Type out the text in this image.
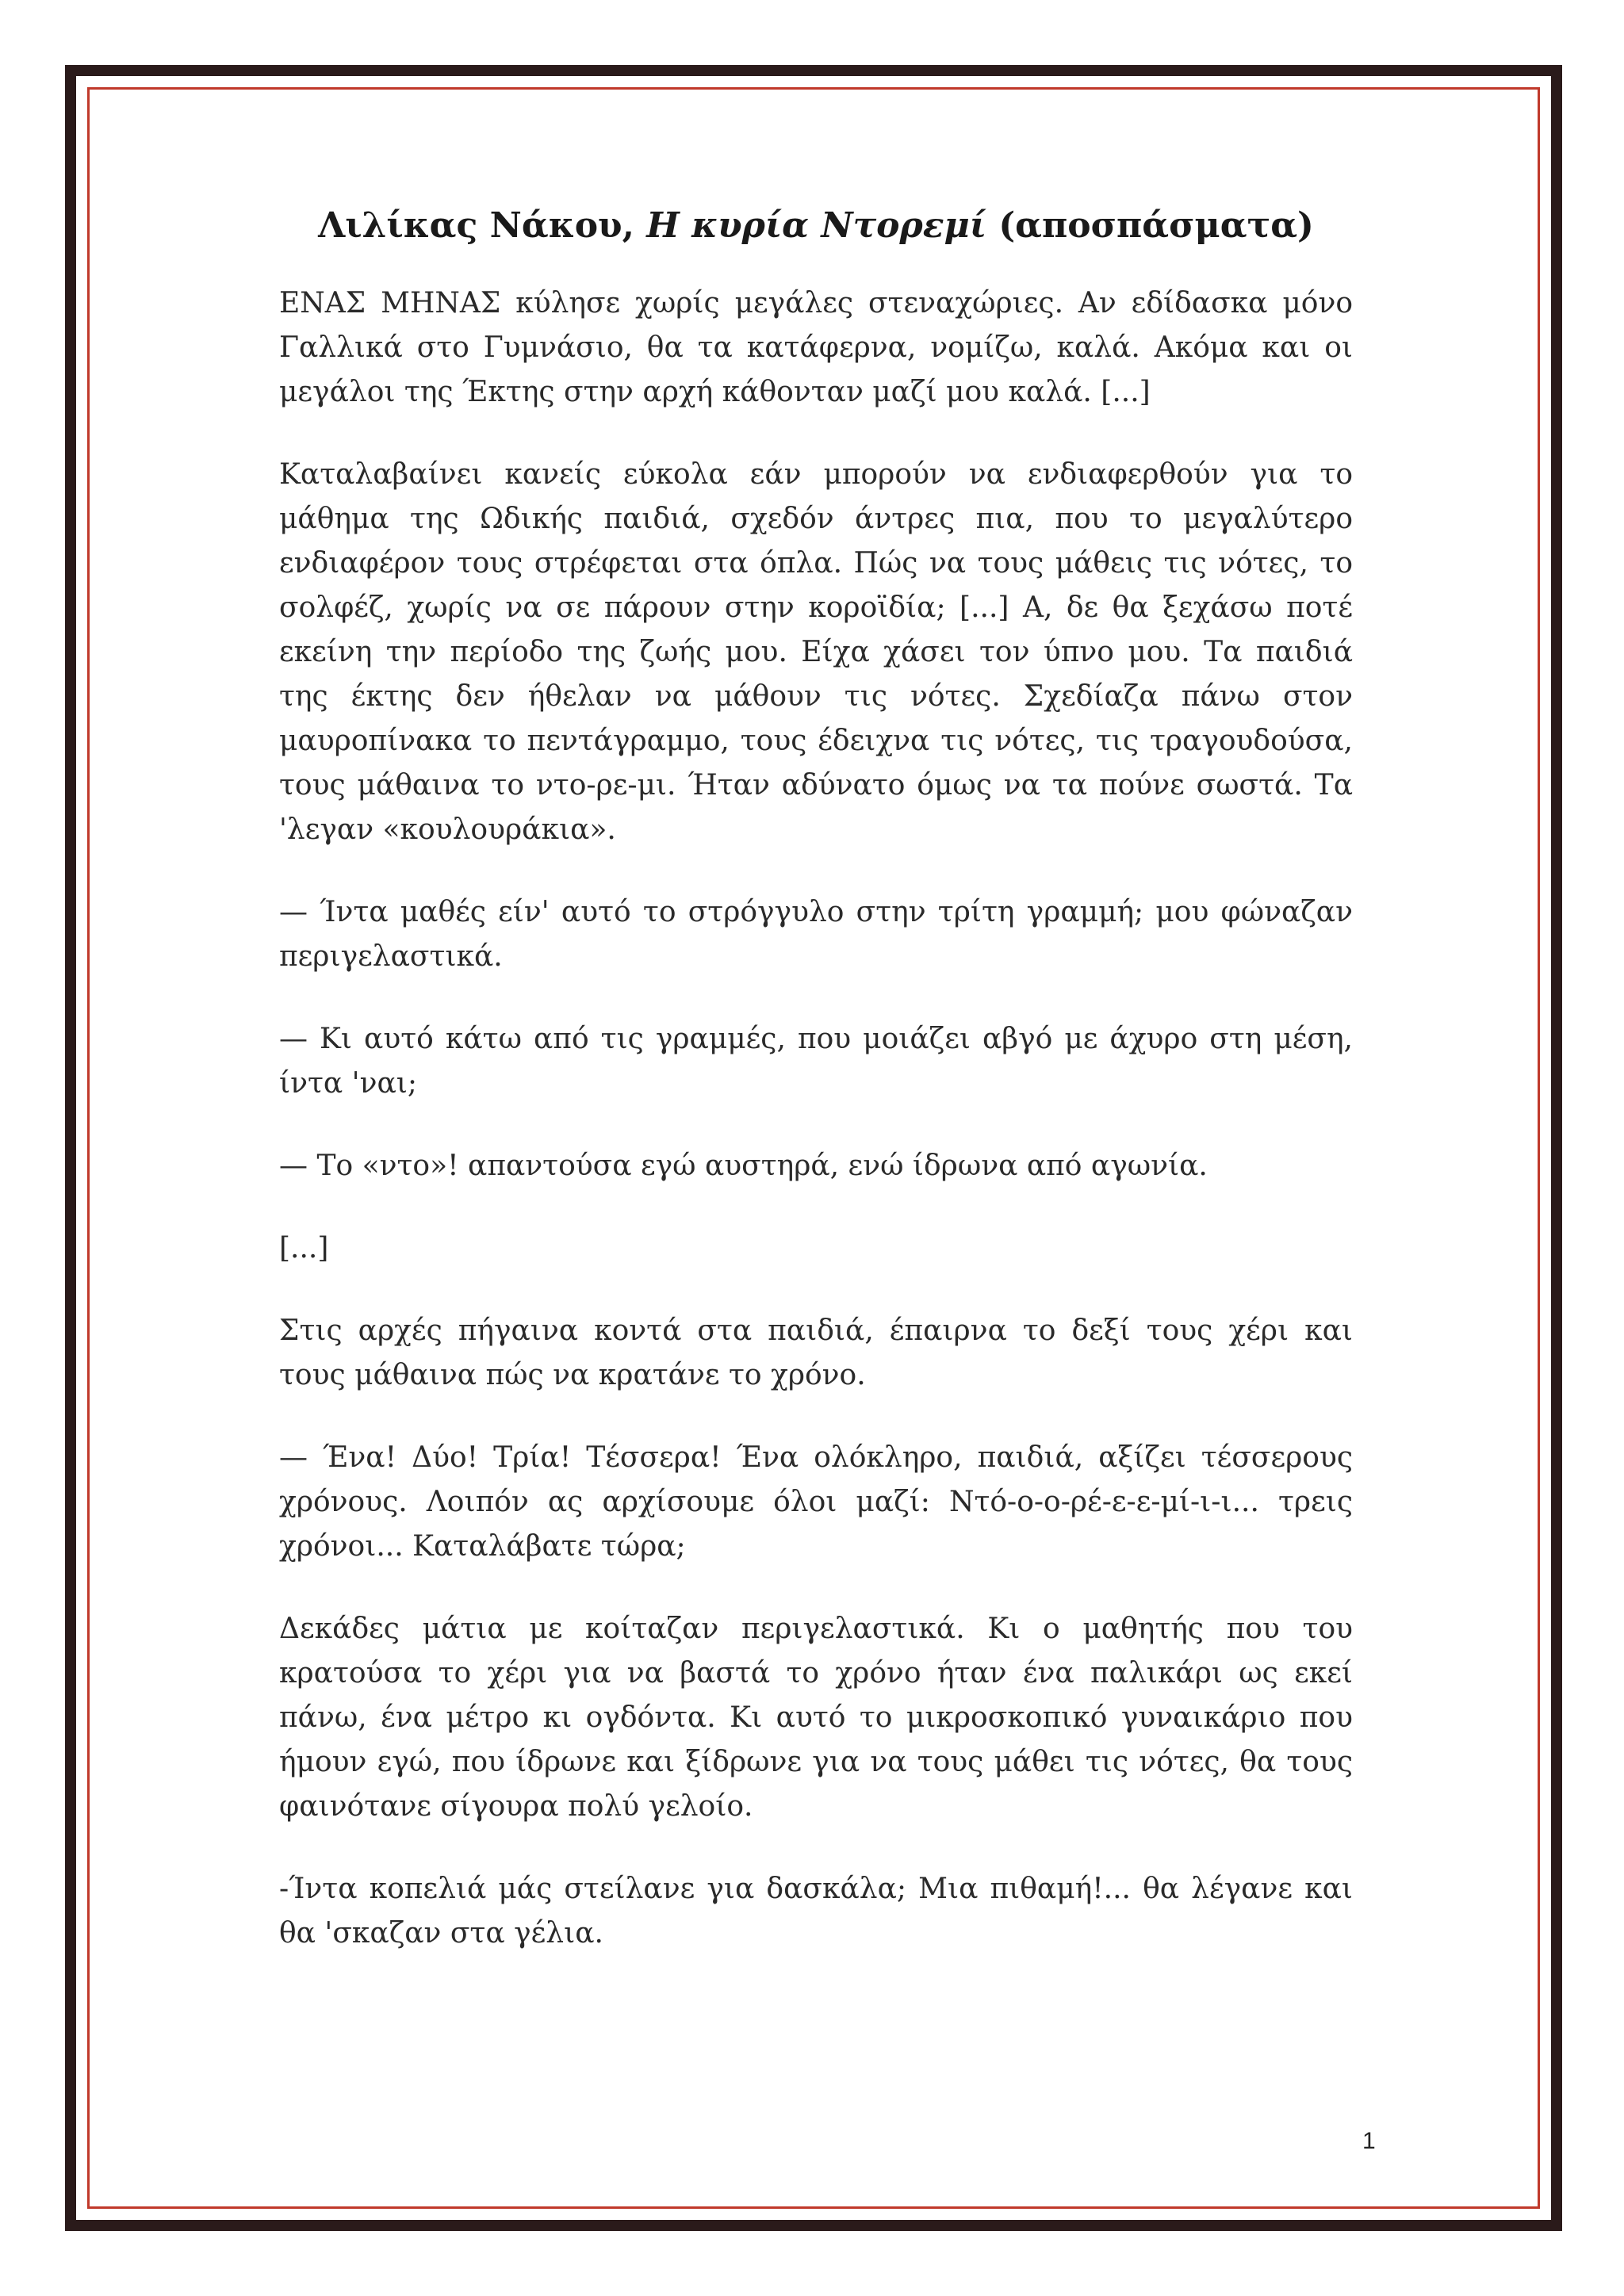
Λιλίκας Νάκου, Η κυρία Ντορεμί (αποσπάσματα)

ΕΝΑΣ ΜΗΝΑΣ κύλησε χωρίς μεγάλες στεναχώριες. Αν εδίδασκα μόνο Γαλλικά στο Γυμνάσιο, θα τα κατάφερνα, νομίζω, καλά. Ακόμα και οι μεγάλοι της Έκτης στην αρχή κάθονταν μαζί μου καλά. [...]

Καταλαβαίνει κανείς εύκολα εάν μπορούν να ενδιαφερθούν για το μάθημα της Ωδικής παιδιά, σχεδόν άντρες πια, που το μεγαλύτερο ενδιαφέρον τους στρέφεται στα όπλα. Πώς να τους μάθεις τις νότες, το σολφέζ, χωρίς να σε πάρουν στην κοροϊδία; [...] Α, δε θα ξεχάσω ποτέ εκείνη την περίοδο της ζωής μου. Είχα χάσει τον ύπνο μου. Τα παιδιά της έκτης δεν ήθελαν να μάθουν τις νότες. Σχεδίαζα πάνω στον μαυροπίνακα το πεντάγραμμο, τους έδειχνα τις νότες, τις τραγουδούσα, τους μάθαινα το ντο-ρε-μι. Ήταν αδύνατο όμως να τα πούνε σωστά. Τα 'λεγαν «κουλουράκια».

— Ίντα μαθές είν' αυτό το στρόγγυλο στην τρίτη γραμμή; μου φώναζαν περιγελαστικά.

— Κι αυτό κάτω από τις γραμμές, που μοιάζει αβγό με άχυρο στη μέση, ίντα 'ναι;

— Το «ντο»! απαντούσα εγώ αυστηρά, ενώ ίδρωνα από αγωνία.

[...]

Στις αρχές πήγαινα κοντά στα παιδιά, έπαιρνα το δεξί τους χέρι και τους μάθαινα πώς να κρατάνε το χρόνο.

— Ένα! Δύο! Τρία! Τέσσερα! Ένα ολόκληρο, παιδιά, αξίζει τέσσερους χρόνους. Λοιπόν ας αρχίσουμε όλοι μαζί: Ντό-ο-ο-ρέ-ε-ε-μί-ι-ι... τρεις χρόνοι... Καταλάβατε τώρα;

Δεκάδες μάτια με κοίταζαν περιγελαστικά. Κι ο μαθητής που του κρατούσα το χέρι για να βαστά το χρόνο ήταν ένα παλικάρι ως εκεί πάνω, ένα μέτρο κι ογδόντα. Κι αυτό το μικροσκοπικό γυναικάριο που ήμουν εγώ, που ίδρωνε και ξίδρωνε για να τους μάθει τις νότες, θα τους φαινότανε σίγουρα πολύ γελοίο.

-Ίντα κοπελιά μάς στείλανε για δασκάλα; Μια πιθαμή!... θα λέγανε και θα 'σκαζαν στα γέλια.

1
